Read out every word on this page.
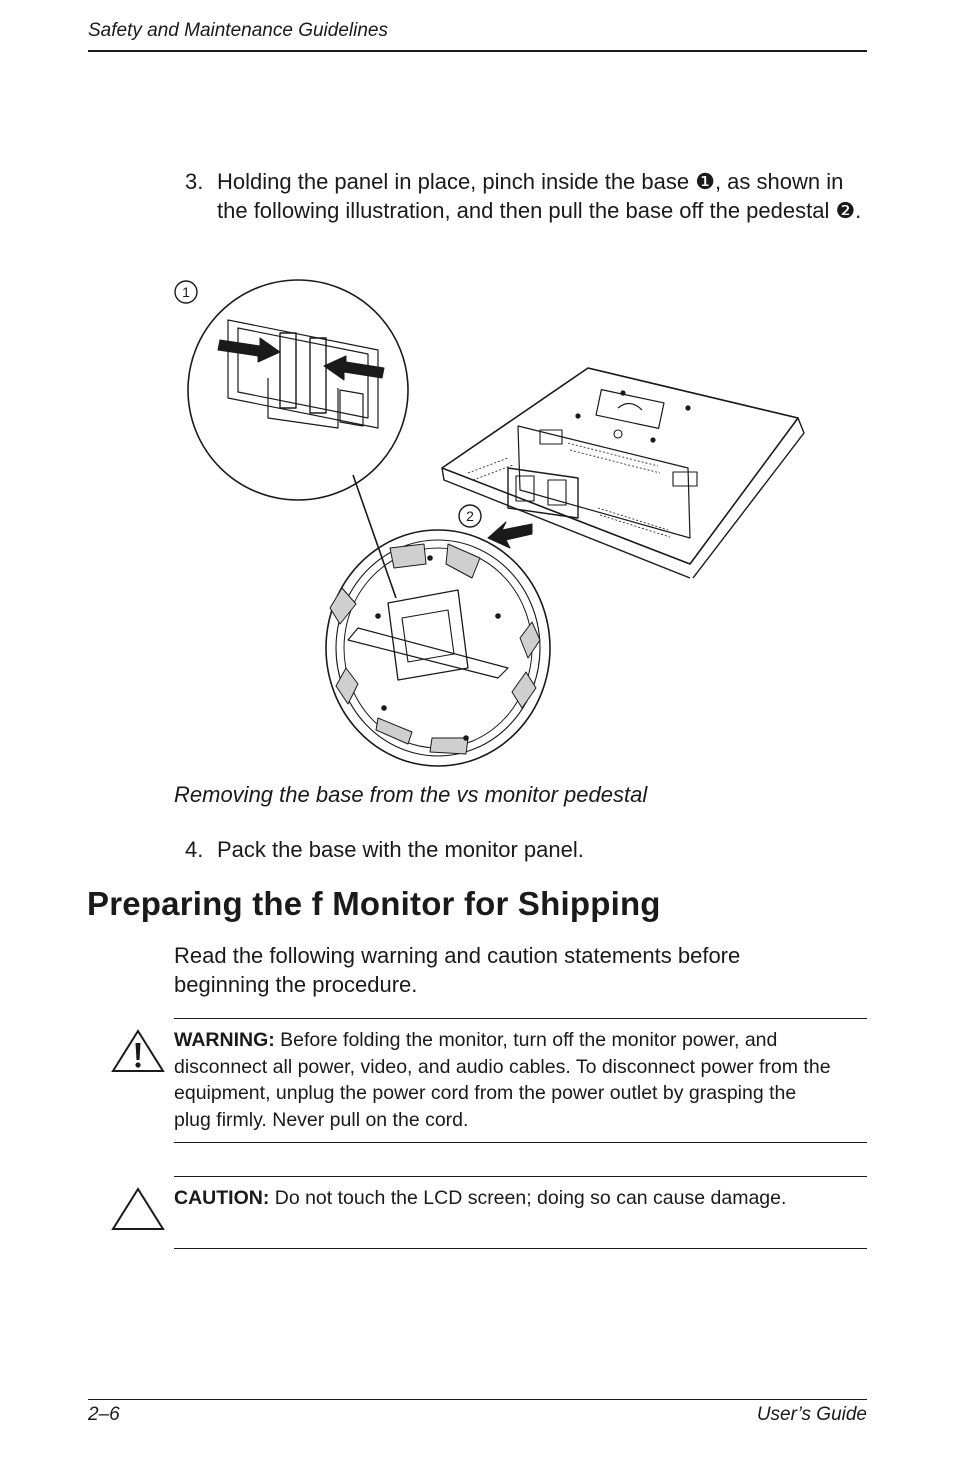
Safety and Maintenance Guidelines
3. Holding the panel in place, pinch inside the base ❶, as shown in the following illustration, and then pull the base off the pedestal ❷.
1
2
Removing the base from the vs monitor pedestal
4. Pack the base with the monitor panel.
Preparing the f Monitor for Shipping
Read the following warning and caution statements before beginning the procedure.
WARNING: Before folding the monitor, turn off the monitor power, and disconnect all power, video, and audio cables. To disconnect power from the equipment, unplug the power cord from the power outlet by grasping the plug firmly. Never pull on the cord.
CAUTION: Do not touch the LCD screen; doing so can cause damage.
2–6	User’s Guide
